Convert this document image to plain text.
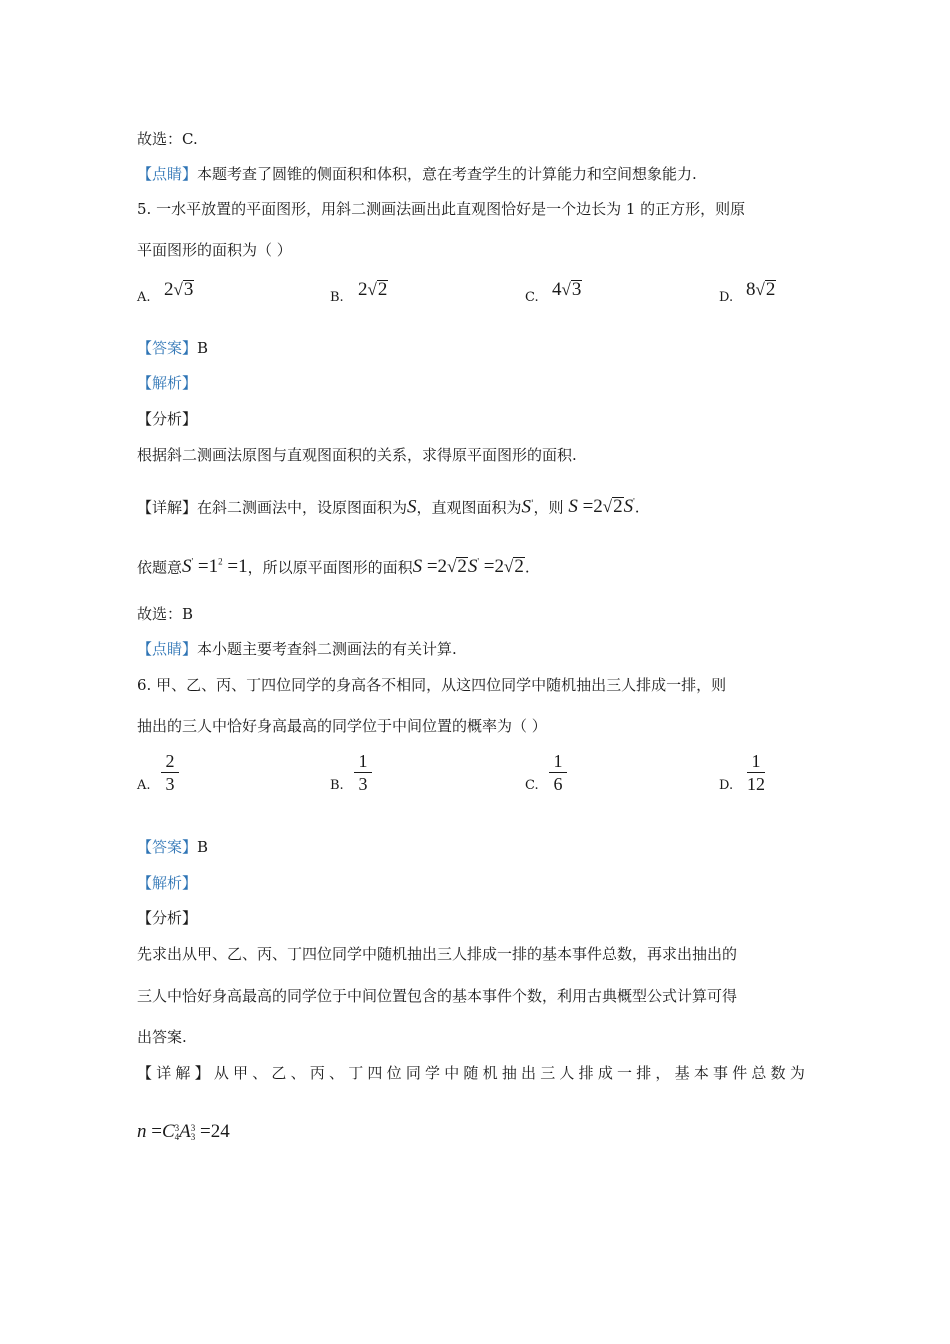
故选：C.
【点睛】本题考查了圆锥的侧面积和体积，意在考查学生的计算能力和空间想象能力.
5. 一水平放置的平面图形，用斜二测画法画出此直观图恰好是一个边长为 1 的正方形，则原
平面图形的面积为（ ）
A. 2√3	B. 2√2	C. 4√3	D. 8√2
【答案】B
【解析】
【分析】
根据斜二测画法原图与直观图面积的关系，求得原平面图形的面积.
【详解】在斜二测画法中，设原图面积为S，直观图面积为S'，则 S =2√2S'.
依题意$S' =1^2 =1$，所以原平面图形的面积S =2√2S' =2√2.
故选：B
【点睛】本小题主要考查斜二测画法的有关计算.
6. 甲、乙、丙、丁四位同学的身高各不相同，从这四位同学中随机抽出三人排成一排，则
抽出的三人中恰好身高最高的同学位于中间位置的概率为（ ）
A.
2
3	B.
1
3	C.
1
6	D.
1
12
【答案】B
【解析】
【分析】
先求出从甲、乙、丙、丁四位同学中随机抽出三人排成一排的基本事件总数，再求出抽出的
三人中恰好身高最高的同学位于中间位置包含的基本事件个数，利用古典概型公式计算可得
出答案.
【详解】从甲、乙、丙、丁四位同学中随机抽出三人排成一排，基本事件总数为
n =C 3
4 A 3
3 =24
